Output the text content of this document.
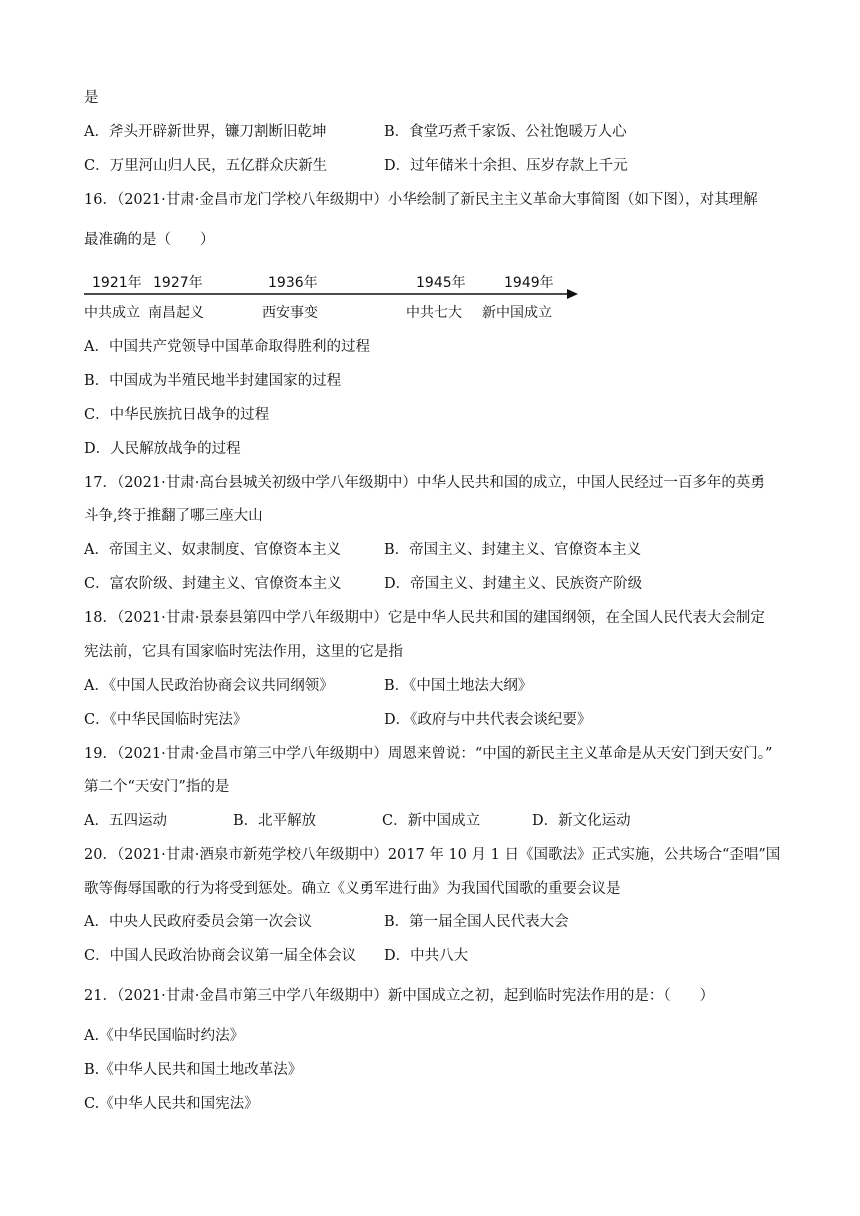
是
A．斧头开辟新世界，镰刀割断旧乾坤	B．食堂巧煮千家饭、公社饱暖万人心
C．万里河山归人民，五亿群众庆新生	D．过年储米十余担、压岁存款上千元
16．（2021·甘肃·金昌市龙门学校八年级期中）小华绘制了新民主主义革命大事简图（如下图），对其理解
最准确的是（　　）
1921年 1927年	1936年	1945年	1949年
中共成立 南昌起义	西安事变	中共七大 新中国成立
A．中国共产党领导中国革命取得胜利的过程
B．中国成为半殖民地半封建国家的过程
C．中华民族抗日战争的过程
D．人民解放战争的过程
17．（2021·甘肃·高台县城关初级中学八年级期中）中华人民共和国的成立，中国人民经过一百多年的英勇
斗争,终于推翻了哪三座大山
A．帝国主义、奴隶制度、官僚资本主义	B．帝国主义、封建主义、官僚资本主义
C．富农阶级、封建主义、官僚资本主义	D．帝国主义、封建主义、民族资产阶级
18．（2021·甘肃·景泰县第四中学八年级期中）它是中华人民共和国的建国纲领，在全国人民代表大会制定
宪法前，它具有国家临时宪法作用，这里的它是指
A．《中国人民政治协商会议共同纲领》	B．《中国土地法大纲》
C．《中华民国临时宪法》	D．《政府与中共代表会谈纪要》
19．（2021·甘肃·金昌市第三中学八年级期中）周恩来曾说：“中国的新民主主义革命是从天安门到天安门。”
第二个“天安门”指的是
A．五四运动	B．北平解放	C．新中国成立	D．新文化运动
20．（2021·甘肃·酒泉市新苑学校八年级期中）2017 年 10 月 1 日《国歌法》正式实施，公共场合“歪唱”国
歌等侮辱国歌的行为将受到惩处。确立《义勇军进行曲》为我国代国歌的重要会议是
A．中央人民政府委员会第一次会议	B．第一届全国人民代表大会
C．中国人民政治协商会议第一届全体会议 D．中共八大
21．（2021·甘肃·金昌市第三中学八年级期中）新中国成立之初，起到临时宪法作用的是：（　　）
A.《中华民国临时约法》
B.《中华人民共和国土地改革法》
C.《中华人民共和国宪法》
